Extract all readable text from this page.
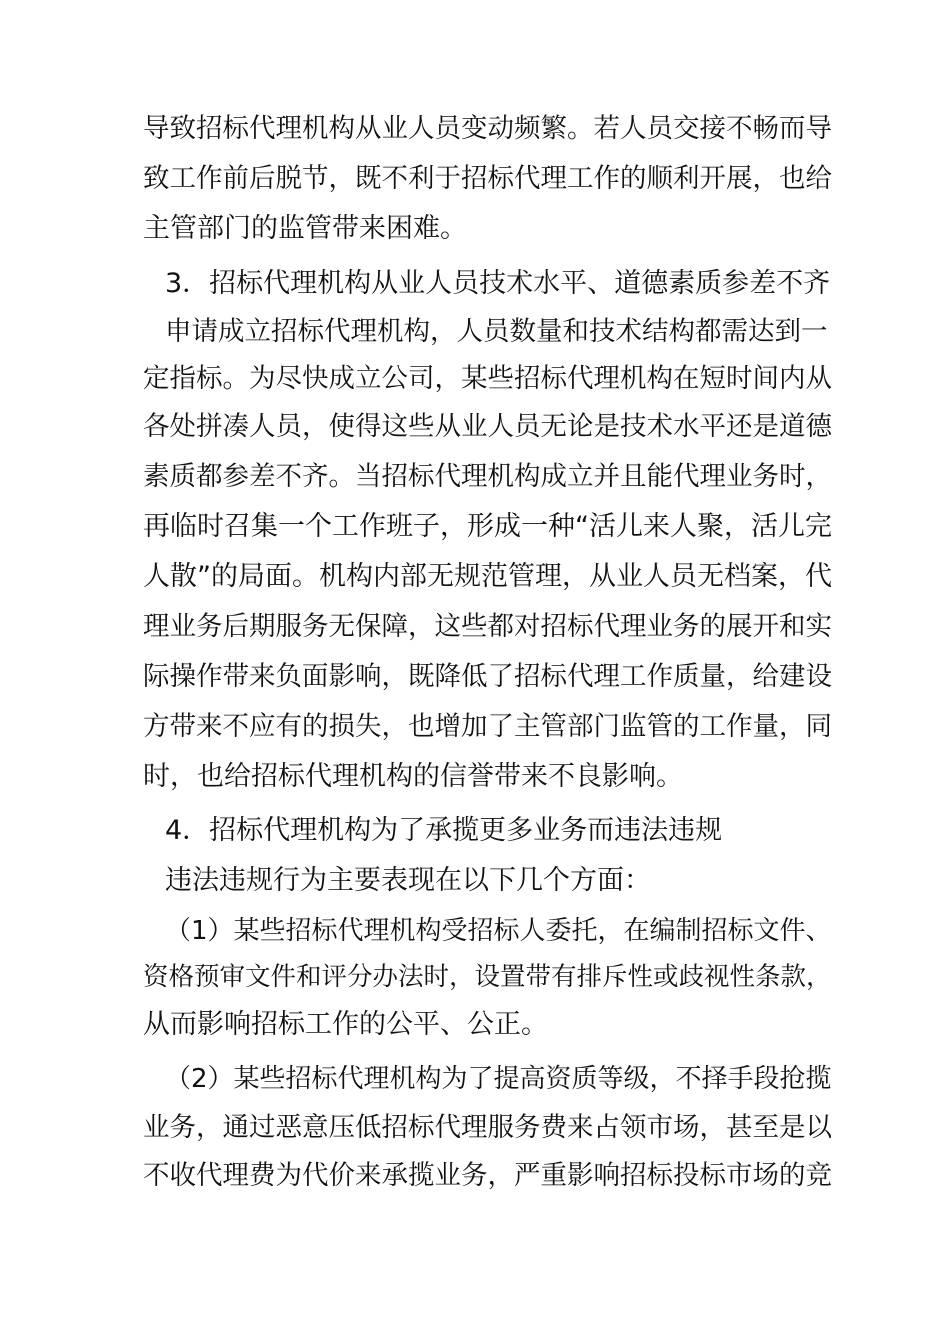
导致招标代理机构从业人员变动频繁。若人员交接不畅而导
致工作前后脱节，既不利于招标代理工作的顺利开展，也给
主管部门的监管带来困难。
3．招标代理机构从业人员技术水平、道德素质参差不齐
申请成立招标代理机构，人员数量和技术结构都需达到一
定指标。为尽快成立公司，某些招标代理机构在短时间内从
各处拼凑人员，使得这些从业人员无论是技术水平还是道德
素质都参差不齐。当招标代理机构成立并且能代理业务时，
再临时召集一个工作班子，形成一种“活儿来人聚，活儿完
人散”的局面。机构内部无规范管理，从业人员无档案，代
理业务后期服务无保障，这些都对招标代理业务的展开和实
际操作带来负面影响，既降低了招标代理工作质量，给建设
方带来不应有的损失，也增加了主管部门监管的工作量，同
时，也给招标代理机构的信誉带来不良影响。
4．招标代理机构为了承揽更多业务而违法违规
违法违规行为主要表现在以下几个方面：
（1）某些招标代理机构受招标人委托，在编制招标文件、
资格预审文件和评分办法时，设置带有排斥性或歧视性条款，
从而影响招标工作的公平、公正。
（2）某些招标代理机构为了提高资质等级，不择手段抢揽
业务，通过恶意压低招标代理服务费来占领市场，甚至是以
不收代理费为代价来承揽业务，严重影响招标投标市场的竞
